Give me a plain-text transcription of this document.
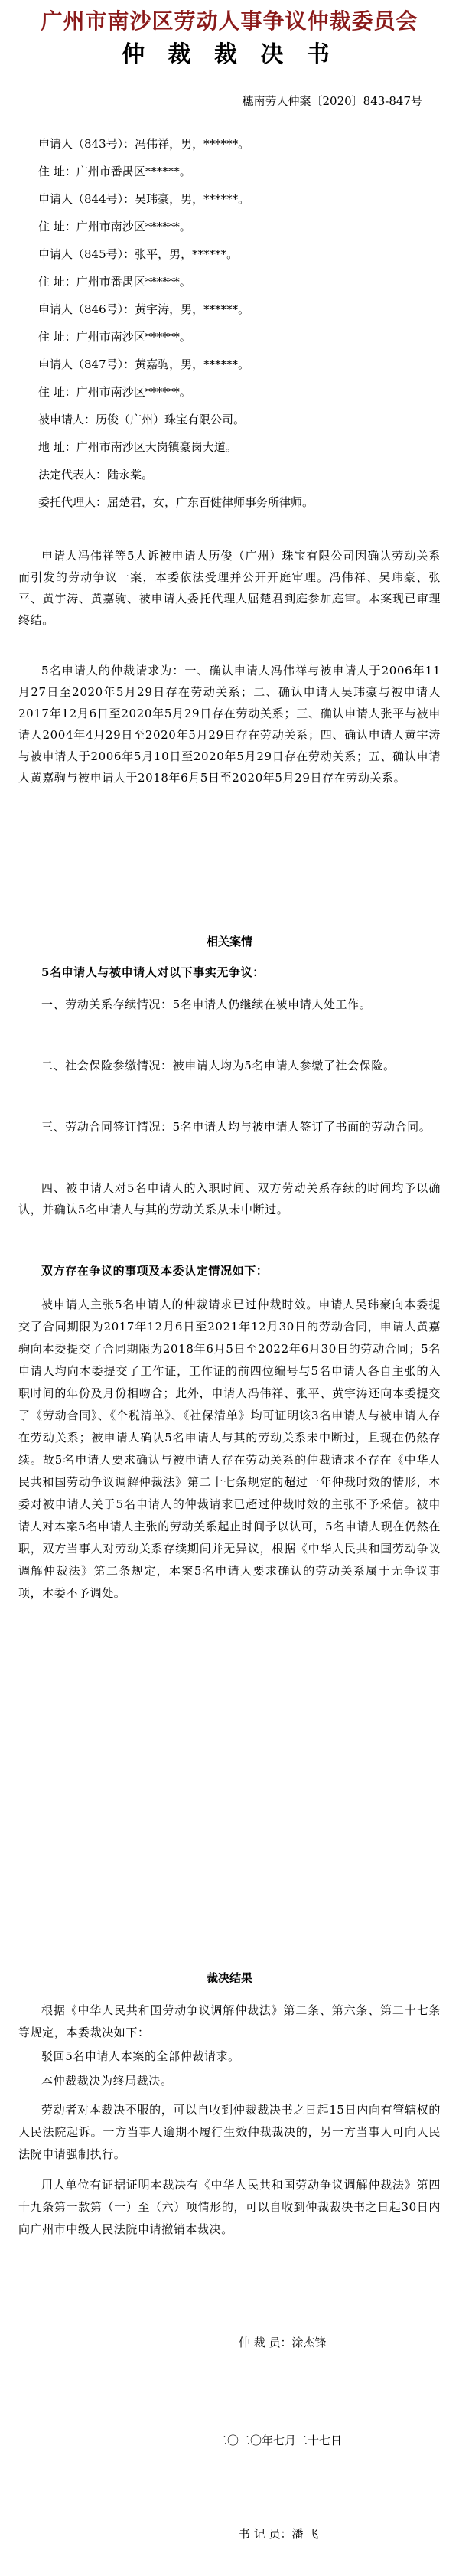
广州市南沙区劳动人事争议仲裁委员会
仲 裁 裁 决 书
穗南劳人仲案〔2020〕843-847号
申请人（843号）：冯伟祥，男，******。
住 址：广州市番禺区******。
申请人（844号）：吴玮豪，男，******。
住 址：广州市南沙区******。
申请人（845号）：张平，男，******。
住 址：广州市番禺区******。
申请人（846号）：黄宇涛，男，******。
住 址：广州市南沙区******。
申请人（847号）：黄嘉驹，男，******。
住 址：广州市南沙区******。
被申请人：历俊（广州）珠宝有限公司。
地 址：广州市南沙区大岗镇豪岗大道。
法定代表人：陆永棠。
委托代理人：屈楚君，女，广东百健律师事务所律师。
申请人冯伟祥等5人诉被申请人历俊（广州）珠宝有限公司因确认劳动关系而引发的劳动争议一案，本委依法受理并公开开庭审理。冯伟祥、吴玮豪、张平、黄宇涛、黄嘉驹、被申请人委托代理人屈楚君到庭参加庭审。本案现已审理终结。
5名申请人的仲裁请求为：一、确认申请人冯伟祥与被申请人于2006年11月27日至2020年5月29日存在劳动关系；二、确认申请人吴玮豪与被申请人2017年12月6日至2020年5月29日存在劳动关系；三、确认申请人张平与被申请人2004年4月29日至2020年5月29日存在劳动关系；四、确认申请人黄宇涛与被申请人于2006年5月10日至2020年5月29日存在劳动关系；五、确认申请人黄嘉驹与被申请人于2018年6月5日至2020年5月29日存在劳动关系。
相关案情
5名申请人与被申请人对以下事实无争议：
一、劳动关系存续情况：5名申请人仍继续在被申请人处工作。
二、社会保险参缴情况：被申请人均为5名申请人参缴了社会保险。
三、劳动合同签订情况：5名申请人均与被申请人签订了书面的劳动合同。
四、被申请人对5名申请人的入职时间、双方劳动关系存续的时间均予以确认，并确认5名申请人与其的劳动关系从未中断过。
双方存在争议的事项及本委认定情况如下：
被申请人主张5名申请人的仲裁请求已过仲裁时效。申请人吴玮豪向本委提交了合同期限为2017年12月6日至2021年12月30日的劳动合同，申请人黄嘉驹向本委提交了合同期限为2018年6月5日至2022年6月30日的劳动合同；5名申请人均向本委提交了工作证，工作证的前四位编号与5名申请人各自主张的入职时间的年份及月份相吻合；此外，申请人冯伟祥、张平、黄宇涛还向本委提交了《劳动合同》、《个税清单》、《社保清单》均可证明该3名申请人与被申请人存在劳动关系；被申请人确认5名申请人与其的劳动关系未中断过，且现在仍然存续。故5名申请人要求确认与被申请人存在劳动关系的仲裁请求不存在《中华人民共和国劳动争议调解仲裁法》第二十七条规定的超过一年仲裁时效的情形，本委对被申请人关于5名申请人的仲裁请求已超过仲裁时效的主张不予采信。被申请人对本案5名申请人主张的劳动关系起止时间予以认可，5名申请人现在仍然在职，双方当事人对劳动关系存续期间并无异议，根据《中华人民共和国劳动争议调解仲裁法》第二条规定，本案5名申请人要求确认的劳动关系属于无争议事项，本委不予调处。
裁决结果
根据《中华人民共和国劳动争议调解仲裁法》第二条、第六条、第二十七条等规定，本委裁决如下：
驳回5名申请人本案的全部仲裁请求。
本仲裁裁决为终局裁决。
劳动者对本裁决不服的，可以自收到仲裁裁决书之日起15日内向有管辖权的人民法院起诉。一方当事人逾期不履行生效仲裁裁决的，另一方当事人可向人民法院申请强制执行。
用人单位有证据证明本裁决有《中华人民共和国劳动争议调解仲裁法》第四十九条第一款第（一）至（六）项情形的，可以自收到仲裁裁决书之日起30日内向广州市中级人民法院申请撤销本裁决。
仲 裁 员：涂杰锋
二〇二〇年七月二十七日
书 记 员：潘 飞
